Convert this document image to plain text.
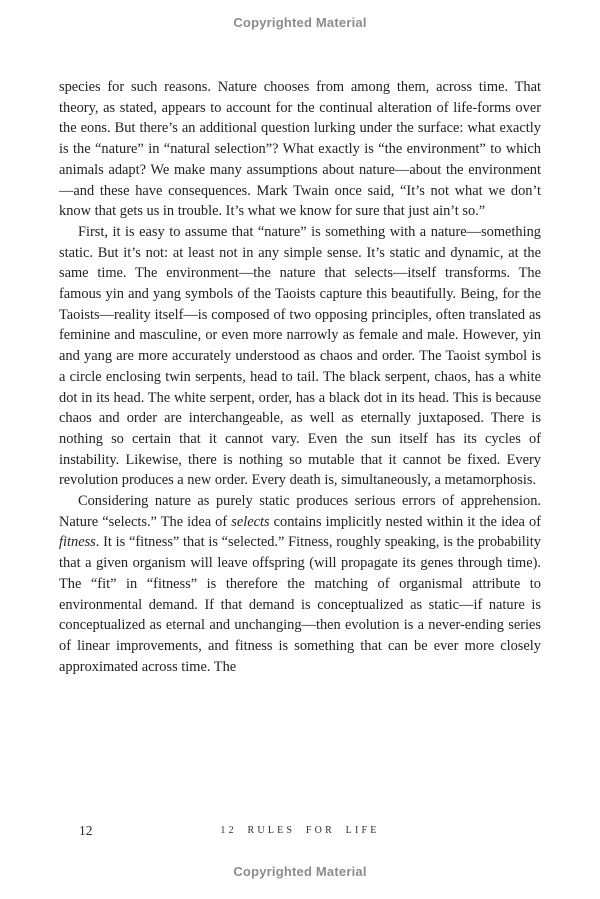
Copyrighted Material

species for such reasons. Nature chooses from among them, across time. That theory, as stated, appears to account for the continual alteration of life-forms over the eons. But there’s an additional question lurking under the surface: what exactly is the “nature” in “natural selection”? What exactly is “the environment” to which animals adapt? We make many assumptions about nature—about the environment—and these have consequences. Mark Twain once said, “It’s not what we don’t know that gets us in trouble. It’s what we know for sure that just ain’t so.”

First, it is easy to assume that “nature” is something with a nature—something static. But it’s not: at least not in any simple sense. It’s static and dynamic, at the same time. The environment—the nature that selects—itself transforms. The famous yin and yang symbols of the Taoists capture this beautifully. Being, for the Taoists—reality itself—is composed of two opposing principles, often translated as feminine and masculine, or even more narrowly as female and male. However, yin and yang are more accurately understood as chaos and order. The Taoist symbol is a circle enclosing twin serpents, head to tail. The black serpent, chaos, has a white dot in its head. The white serpent, order, has a black dot in its head. This is because chaos and order are interchangeable, as well as eternally juxtaposed. There is nothing so certain that it cannot vary. Even the sun itself has its cycles of instability. Likewise, there is nothing so mutable that it cannot be fixed. Every revolution produces a new order. Every death is, simultaneously, a metamorphosis.

Considering nature as purely static produces serious errors of apprehension. Nature “selects.” The idea of selects contains implicitly nested within it the idea of fitness. It is “fitness” that is “selected.” Fitness, roughly speaking, is the probability that a given organism will leave offspring (will propagate its genes through time). The “fit” in “fitness” is therefore the matching of organismal attribute to environmental demand. If that demand is conceptualized as static—if nature is conceptualized as eternal and unchanging—then evolution is a never-ending series of linear improvements, and fitness is something that can be ever more closely approximated across time. The

12	12 RULES FOR LIFE
Copyrighted Material
